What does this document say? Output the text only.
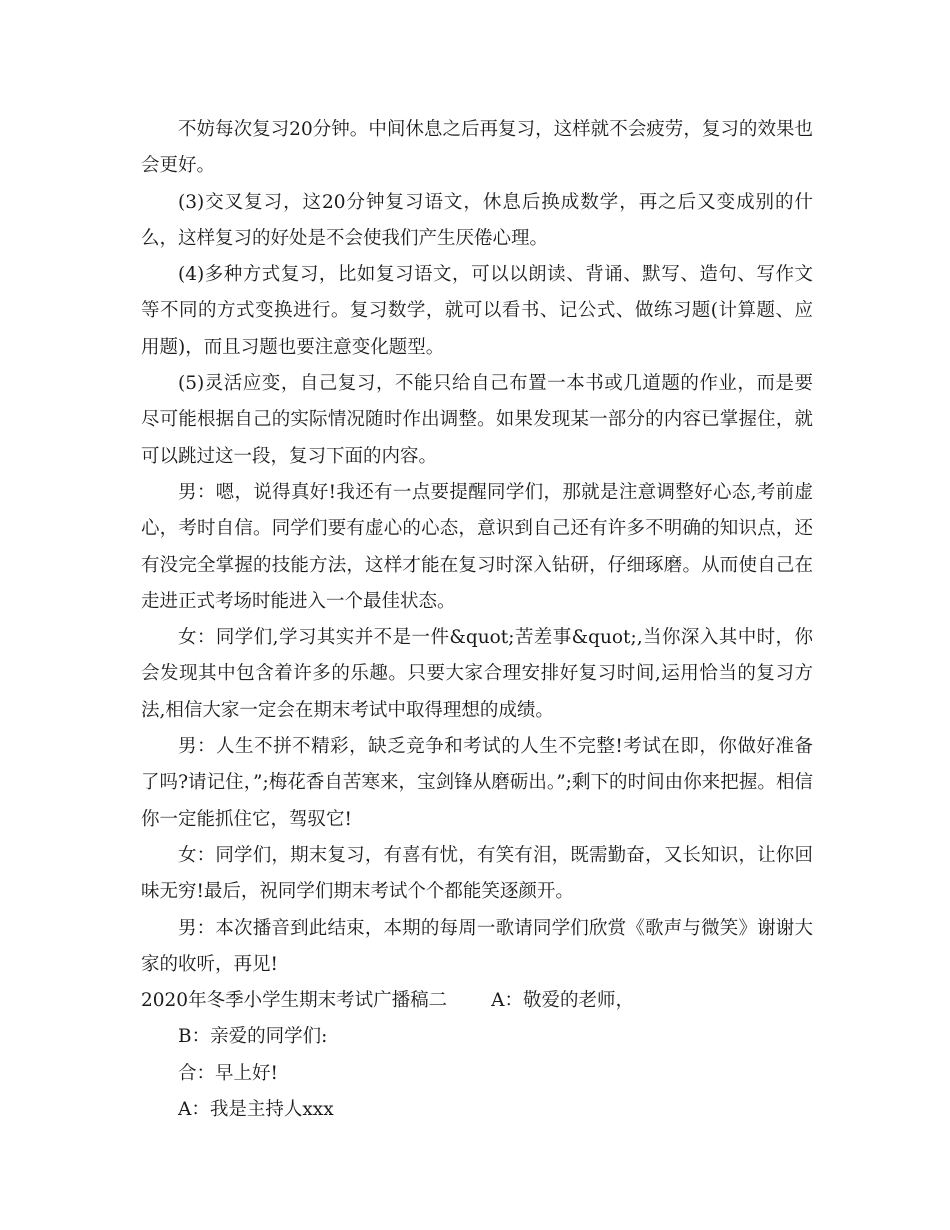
不妨每次复习20分钟。中间休息之后再复习，这样就不会疲劳，复习的效果也会更好。

(3)交叉复习，这20分钟复习语文，休息后换成数学，再之后又变成别的什么，这样复习的好处是不会使我们产生厌倦心理。

(4)多种方式复习，比如复习语文，可以以朗读、背诵、默写、造句、写作文等不同的方式变换进行。复习数学，就可以看书、记公式、做练习题(计算题、应用题)，而且习题也要注意变化题型。

(5)灵活应变，自己复习，不能只给自己布置一本书或几道题的作业，而是要尽可能根据自己的实际情况随时作出调整。如果发现某一部分的内容已掌握住，就可以跳过这一段，复习下面的内容。

男：嗯，说得真好!我还有一点要提醒同学们，那就是注意调整好心态,考前虚心，考时自信。同学们要有虚心的心态，意识到自己还有许多不明确的知识点，还有没完全掌握的技能方法，这样才能在复习时深入钻研，仔细琢磨。从而使自己在走进正式考场时能进入一个最佳状态。

女：同学们,学习其实并不是一件&quot;苦差事&quot;,当你深入其中时，你会发现其中包含着许多的乐趣。只要大家合理安排好复习时间,运用恰当的复习方法,相信大家一定会在期末考试中取得理想的成绩。

男：人生不拼不精彩，缺乏竞争和考试的人生不完整!考试在即，你做好准备了吗?请记住，”;梅花香自苦寒来，宝剑锋从磨砺出。”;剩下的时间由你来把握。相信你一定能抓住它，驾驭它!

女：同学们，期末复习，有喜有忧，有笑有泪，既需勤奋，又长知识，让你回味无穷!最后，祝同学们期末考试个个都能笑逐颜开。

男：本次播音到此结束，本期的每周一歌请同学们欣赏《歌声与微笑》谢谢大家的收听，再见!

2020年冬季小学生期末考试广播稿二 A：敬爱的老师，

B：亲爱的同学们:

合：早上好!

A：我是主持人xxx
